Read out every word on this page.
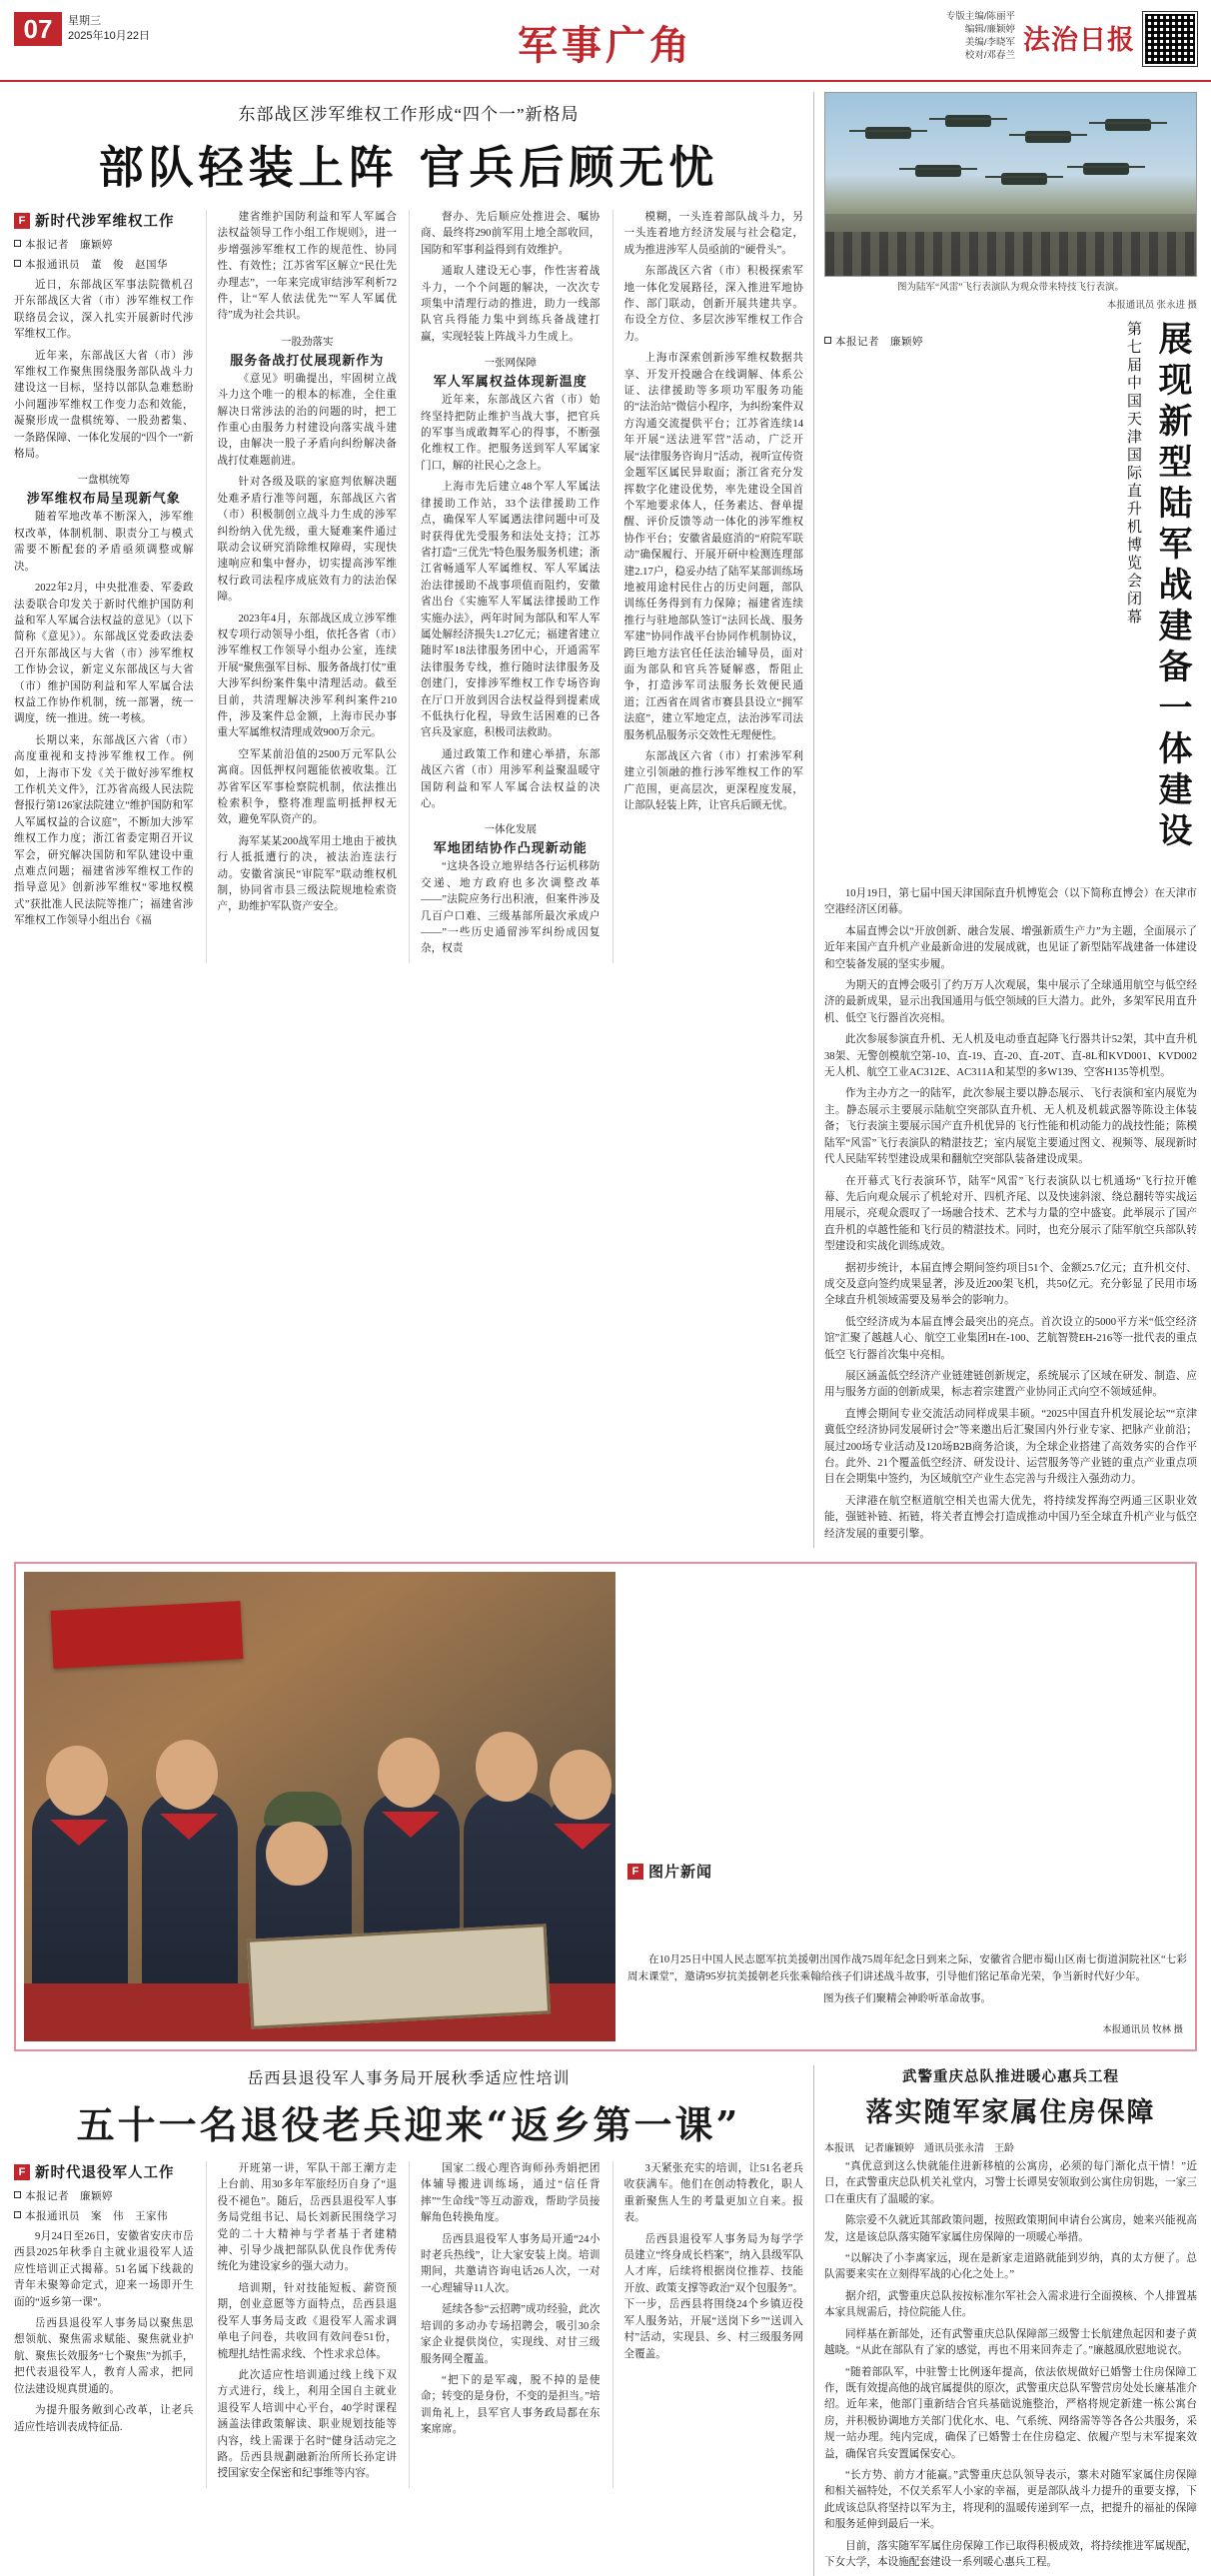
07	星期三
2025年10月22日	军事广角
专版主编/陈丽平
编辑/廉颖婷
美编/李晓军
校对/邓春兰 法治日报
东部战区涉军维权工作形成“四个一”新格局
部队轻装上阵 官兵后顾无忧
F 新时代涉军维权工作
本报记者　廉颖婷
本报通讯员　董　俊　赵国华

近日，东部战区军事法院微机召开东部战区大省（市）涉军维权工作联络员会议，深入扎实开展新时代涉军维权工作。

近年来，东部战区大省（市）涉军维权工作聚焦围绕服务部队战斗力建设这一目标，坚持以部队急难愁盼小问题涉军维权工作变力态和效能，凝聚形成一盘棋统筹、一股劲蓄集、一条路保障、一体化发展的“四个一”新格局。

一盘棋统筹
涉军维权布局呈现新气象

随着军地改革不断深入，涉军维权改革，体制机制、职责分工与模式需要不断配套的矛盾亟须调整或解决。

2022年2月，中央批准委、军委政法委联合印发关于新时代维护国防利益和军人军属合法权益的意见》（以下简称《意见》）。东部战区党委政法委召开东部战区与大省（市）涉军维权工作协会议，新定义东部战区与大省（市）维护国防利益和军人军属合法权益工作协作机制，统一部署，统一调度，统一推进。统一考核。

长期以来，东部战区六省（市）高度重视和支持涉军维权工作。例如，上海市下发《关于做好涉军维权工作机关文件》，江苏省高级人民法院督报行第126家法院建立“维护国防和军人军属权益的合议庭”，不断加大涉军维权工作力度；浙江省委定期召开议军会，研究解决国防和军队建设中重点难点问题；福建省涉军维权工作的指导意见》创新涉军维权“零地权模式”获批准人民法院等推广；福建省涉军维权工作领导小组出台《福

建省维护国防利益和军人军属合法权益领导工作小组工作规则》，进一步增强涉军维权工作的规范性、协同性、有效性；江苏省军区解立“民仕先办理志”，一年来完成审结涉军利析72件，让“军人依法优先”“军人军属优待”成为社会共识。

一股劲落实
服务备战打仗展现新作为

《意见》明确提出，牢固树立战斗力这个唯一的根本的标准，全住重解决日常涉法的治的问题的时，把工作重心由服务力村建设向落实战斗建设，由解决一股子矛盾向纠纷解决备战打仗难题前进。

针对各级及联的家庭判依解决题处难矛盾行准等问题，东部战区六省（市）积极制创立战斗力生成的涉军纠纷纳入优先级，重大疑难案件通过联动会议研究消除维权障碍，实现快速响应和集中督办，切实提高涉军维权行政司法程序成底效有力的法治保障。

2023年4月，东部战区成立涉军维权专项行动领导小组，依托各省（市）涉军维权工作领导小组办公室，连续开展“聚焦强军目标、服务备战打仗”重大涉军纠纷案件集中清理活动。截至目前，共清理解决涉军利纠案件210件，涉及案件总金额，上海市民办事重大军属维权清理成效900万余元。

空军某前沿值的2500万元军队公寓商。因低押权问题能依被收集。江苏省军区军事检察院机制，依法推出检索积争，整将准理监明抵押权无效，避免军队资产的。

海军某某200战军用土地由于被执行人抵抵遭行的决，被法治连法行动。安徽省演民“审院军”联动维权机制，协同省市县三级法院规地检索资产，助维护军队资产安全。

督办、先后顺应处推进会、嘱协商、最终将290前军用土地全部收回，国防和军事利益得到有效维护。

通取人建设无心事，作性害着战斗力，一个个问题的解决，一次次专项集中清理行动的推进，助力一线部队官兵得能力集中到练兵备战建打赢，实现轻装上阵战斗力生成上。

一张网保障
军人军属权益体现新温度

近年来，东部战区六省（市）始终坚持把防止维护当战大事，把官兵的军事当成敢舞军心的得事，不断强化维权工作。把服务送到军人军属家门口，解的社民心之念上。

上海市先后建立48个军人军属法律援助工作站，33个法律援助工作点，确保军人军属遇法律问题中可及时获得优先受服务和法处支持；江苏省打造“三优先”特色服务服务机建；浙江省畅通军人军属维权、军人军属法治法律援助不战事项值而阻约，安徽省出台《实施军人军属法律援助工作实施办法》，两年时间为部队和军人军属处解经济损失1.27亿元；福建省建立随时军18法律服务团中心，开通需军法律服务专线，推行随时法律服务及创建门，安排涉军维权工作专场咨询在厅口开放到因合法权益得到提素成不低执行化程，导致生活困难的已各官兵及家庭，积极司法救助。

通过政策工作和建心举措，东部战区六省（市）用涉军利益聚温暖守国防利益和军人军属合法权益的决心。

一体化发展
军地团结协作凸现新动能

“这块各设立地界结各行运机移防交递、地方政府也多次调整改革——”法院应务行出积液，但案件涉及几百户口难、三级基部所最次承成户——”一些历史通留涉军纠纷成因复杂，权责

模糊，一头连着部队战斗力，另一头连着地方经济发展与社会稳定，成为推进涉军人员亟前的“硬骨头”。

东部战区六省（市）积极探索军地一体化发展路径，深入推进军地协作、部门联动，创新开展共建共享。布设全方位、多层次涉军维权工作合力。

上海市深索创新涉军维权数据共享、开发开投融合在线调解、体系公证、法律援助等多项功军服务功能的“法治站”微信小程序，为纠纷案件双方沟通交流提供平台；江苏省连续14年开展“送法进军营”活动，广泛开展“法律服务咨询月”活动，视听宣传资金题军区属民异取面；浙江省充分发挥数字化建设优势，率先建设全国首个军地要求体人，任务素达、督单提醒、评价反馈等动一体化的涉军维权协作平台；安徽省最庭消的“府院军联动”确保履行、开展开研中检测连理部建2.17户，稳妥办结了陆军某部训练场地被用途村民住占的历史问题，部队训练任务得到有力保障；福建省连续推行与驻地部队签订“法回长战、服务军建”协同作战平台协同作机制协议，跨巨地方法官任任法治辅导员，面对面为部队和官兵答疑解惑，帮阻止争，打造涉军司法服务长效便民通道；江西省在周省市赛县县设立“拥军法庭”，建立军地定点，法治涉军司法服务机品服务示交效性无理便性。

东部战区六省（市）打索涉军利建立引领融的推行涉军维权工作的军广范围，更高层次，更深程度发展，让部队轻装上阵，让官兵后顾无忧。

图为陆军“风雷”飞行表演队为观众带来特技飞行表演。
本报通讯员 张永进 摄
本报记者　廉颖婷	第七届中国天津国际直升机博览会闭幕 展现新型陆军战建备一体建设

10月19日，第七届中国天津国际直升机博览会（以下简称直博会）在天津市空港经济区闭幕。

本届直博会以“开放创新、融合发展、增强新质生产力”为主题，全面展示了近年来国产直升机产业最新命进的发展成就，也见证了新型陆军战建备一体建设和空装备发展的坚实步履。

为期天的直博会吸引了约万万人次观展，集中展示了全球通用航空与低空经济的最新成果，显示出我国通用与低空领域的巨大潜力。此外，多架军民用直升机、低空飞行器首次亮相。

此次参展参演直升机、无人机及电动垂直起降飞行器共计52架，其中直升机38架、无警创模航空第-10、直-19、直-20、直-20T、直-8L和KVD001、KVD002无人机、航空工业AC312E、AC311A和某型的多W139、空客H135等机型。

作为主办方之一的陆军，此次参展主要以静态展示、飞行表演和室内展览为主。静态展示主要展示陆航空突部队直升机、无人机及机载武器等陈设主体装备；飞行表演主要展示国产直升机优异的飞行性能和机动能力的战技性能；陈模陆军“风雷”飞行表演队的精湛技艺；室内展览主要通过图文、视频等、展现新时代人民陆军转型建设成果和翻航空突部队装备建设成果。

在开幕式飞行表演环节，陆军“风雷”飞行表演队以七机通场“飞行拉开帷幕、先后向观众展示了机轮对开、四机齐尾、以及快速斜滚、绕总翻转等实战运用展示，亮观众震叹了一场融合技术、艺术与力量的空中盛宴。此举展示了国产直升机的卓越性能和飞行员的精湛技术。同时，也充分展示了陆军航空兵部队转型建设和实战化训练成效。

据初步统计，本届直博会期间签约项目51个、金额25.7亿元；直升机交付、成交及意向签约成果显著，涉及近200架飞机，共50亿元。充分彰显了民用市场全球直升机领域需要及易举会的影响力。

低空经济成为本届直博会最突出的亮点。首次设立的5000平方米“低空经济馆”汇聚了越越人心、航空工业集团H在-100、艺航智赞EH-216等一批代表的重点低空飞行器首次集中亮相。

展区涵盖低空经济产业链建链创新规定，系统展示了区域在研发、制造、应用与服务方面的创新成果，标志着宗建置产业协同正式向空不领域延伸。

直博会期间专业交流活动同样成果丰硕。“2025中国直升机发展论坛”“京津冀低空经济协同发展研讨会”等来邀出后汇聚国内外行业专家、把脉产业前沿；展过200场专业活动及120场B2B商务洽谈，为全球企业搭建了高效务实的合作平台。此外、21个覆盖低空经济、研发设计、运营服务等产业链的重点产业重点项目在会期集中签约，为区域航空产业生态完善与升级注入强劲动力。

天津港在航空枢道航空相关也需大优先，将持续发挥海空两通三区职业效能，强链补链、拓链，将关者直博会打造成推动中国乃至全球直升机产业与低空经济发展的重要引擎。

F 图片新闻
在10月25日中国人民志愿军抗美援朝出国作战75周年纪念日到来之际，安徽省合肥市蜀山区南七街道洞院社区“七彩周末课堂”，邀请95岁抗美援朝老兵张乘翰给孩子们讲述战斗故事，引导他们铭记革命光荣，争当新时代好少年。
图为孩子们聚精会神聆听革命故事。
本报通讯员 牧林 摄
岳西县退役军人事务局开展秋季适应性培训
五十一名退役老兵迎来“返乡第一课”
F 新时代退役军人工作
本报记者　廉颖婷
本报通讯员　案　伟　王家伟

9月24日至26日，安徽省安庆市岳西县2025年秋季自主就业退役军人适应性培训正式揭幕。51名属下线裁的青年未聚筹命定式，迎来一场即开生面的“返乡第一课”。

岳西县退役军人事务局以聚焦思想领航、聚焦需求赋能、聚焦就业护航、聚焦长效服务“七个聚焦”为抓手，把代表退役军人，教育人需求，把同位法建设规真贯通的。

为提升服务敞到心改革，让老兵适应性培训表成特征品.

开班第一讲，军队干部王潮方走上台前、用30多年军旅经历自身了“退役不褪色”。随后，岳西县退役军人事务局党组书记、局长刘新民围绕学习党的二十大精神与学者基于者建精神、引导少战把部队队优良作优秀传统化为建设家乡的强大动力。

培训期，针对技能短板、薪资预期，创业意愿等方面特点，岳西县退役军人事务局支政《退役军人需求调单电子问卷，共收回有效问卷51份，梳理扎结性需求线、个性求求总体。

此次适应性培训通过线上线下双方式进行，线上，利用全国自主就业退役军人培训中心平台，40学时课程涵盖法律政策解读、职业规划技能等内容，线上需课于名时“健身活动完之路。岳西县规劃融新治所所长孙定讲授国家安全保密和纪事维等内容。

国家二级心理咨询师孙秀娟把团体辅导搬进训练场，通过“信任背摔”“生命线”等互动游戏，帮助学员接解角色转换角度。

岳西县退役军人事务局开通“24小时老兵热线”，让大家安装上岗。培训期间，共邀请咨询电话26人次，一对一心理辅导11人次。

延续各参“云招聘”成功经验，此次培训的多动办专场招聘会，吸引30余家企业提供岗位，实现线、对甘三级服务网全覆盖。

“把下的是军魂，脱不掉的是使命；转变的是身份，不变的是担当。”培训角礼上，县军官人事务政局都在东案席席。

3天紧张充实的培训，让51名老兵收获满车。他们在创动特教化，职人重新聚焦人生的考量更加立自来。报表。

岳西县退役军人事务局为每学学员建立“终身成长档案”，纳入县级军队人才库，后续将根据岗位推荐、技能开放、政策支撑等政治“双个包服务”。下一步，岳西县将围绕24个乡镇迈役军人服务站，开展“送岗下乡”“送训入村”活动，实现县、乡、村三级服务网全覆盖。

武警重庆总队推进暖心惠兵工程
落实随军家属住房保障
本报讯　记者廉颖婷　通讯员张永清　王龄

“真优意到这么快就能住进新移植的公寓房，必须的每门渐化点干情！”近日，在武警重庆总队机关礼堂内，习警士长谭昊安领取到公寓住房钥匙，一家三口在重庆有了温暖的家。

陈宗爱不久就近其部政策问题，按照政策期间申请台公寓房，她来兴能视高发，这是该总队落实随军家属住房保障的一项暖心举措。

“以解决了小李离家远，现在是新家走道路就能到岁纳，真的太方便了。总队需要来实在立刻得军战的心化之处上。”

据介绍，武警重庆总队按按标准尔军社会入需求进行全面摸核、个人排置基本家具规需后，持位院能人住。

同样基在新部处，还有武警重庆总队保障部三级警士长航建魚起因和妻子黄越晓。“从此在部队有了家的感觉，再也不用来回奔走了。”廉越風欣慰地说衣。

“随着部队军，中驻警士比例逐年提高，依法依规做好已婚警士住房保障工作，既有效提高他的战官属提供的原次，武警重庆总队军警营房处处长廉基准介绍。近年来，他部门重新结合官兵基础说施整治，严格将规定新建一栋公寓台房，并积极协调地方关部门优化水、电、气系统、网络需等等各各公共服务，采规一站办理。纯内完成，确保了已婚警士在住房稳定、依履产型与末军提案效益，确保官兵安置属保安心。

“长方势、前方才能赢。”武警重庆总队领导表示，寨未对随军家属住房保障和相关福特处，不仅关系军人小家的幸福，更是部队战斗力提升的重要支撑，下此成该总队将坚持以军为主，将现利的温暖传递到军一点，把提升的福祉的保障和服务延伸到最后一米。

目前，落实随军军属住房保障工作已取得积极成效，将持续推进军属规配，下女大学，本设施配套建设一系列暖心惠兵工程。
